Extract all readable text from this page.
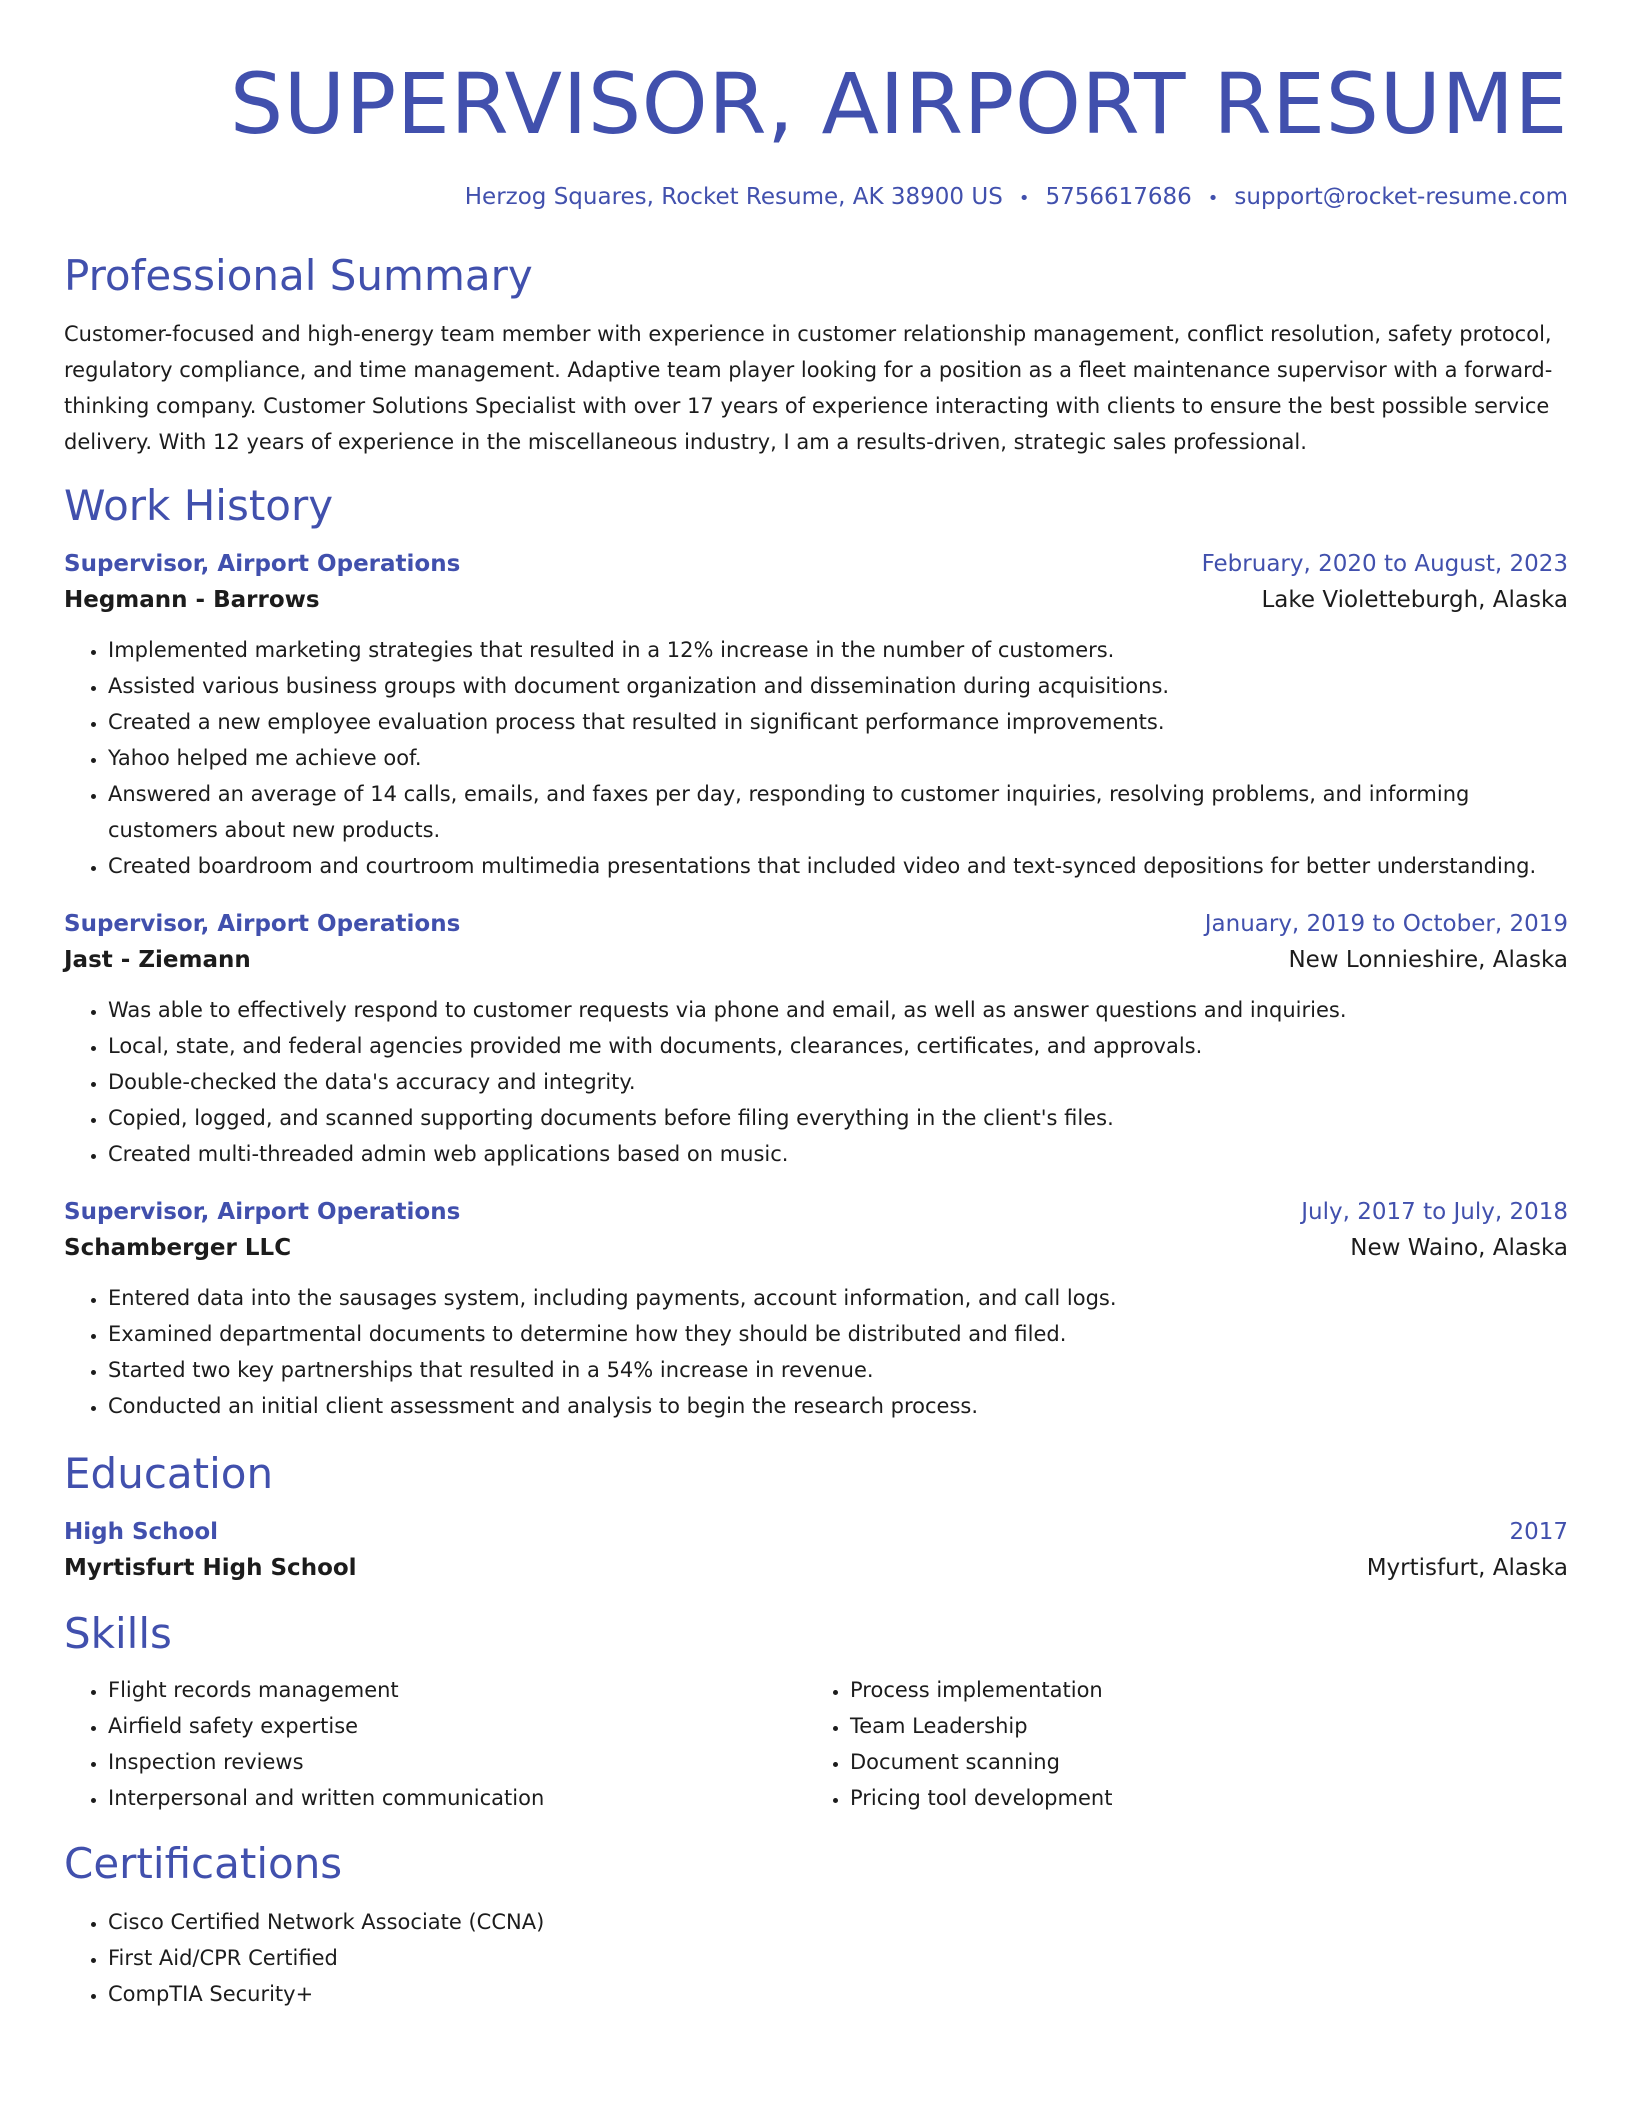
SUPERVISOR, AIRPORT RESUME
Herzog Squares, Rocket Resume, AK 38900 US • 5756617686 • support@rocket-resume.com
Professional Summary
Customer-focused and high-energy team member with experience in customer relationship management, conflict resolution, safety protocol, regulatory compliance, and time management. Adaptive team player looking for a position as a fleet maintenance supervisor with a forward-thinking company. Customer Solutions Specialist with over 17 years of experience interacting with clients to ensure the best possible service delivery. With 12 years of experience in the miscellaneous industry, I am a results-driven, strategic sales professional.
Work History
Supervisor, Airport Operations	February, 2020 to August, 2023
Hegmann - Barrows	Lake Violetteburgh, Alaska
• Implemented marketing strategies that resulted in a 12% increase in the number of customers.
• Assisted various business groups with document organization and dissemination during acquisitions.
• Created a new employee evaluation process that resulted in significant performance improvements.
• Yahoo helped me achieve oof.
• Answered an average of 14 calls, emails, and faxes per day, responding to customer inquiries, resolving problems, and informing customers about new products.
• Created boardroom and courtroom multimedia presentations that included video and text-synced depositions for better understanding.
Supervisor, Airport Operations	January, 2019 to October, 2019
Jast - Ziemann	New Lonnieshire, Alaska
• Was able to effectively respond to customer requests via phone and email, as well as answer questions and inquiries.
• Local, state, and federal agencies provided me with documents, clearances, certificates, and approvals.
• Double-checked the data's accuracy and integrity.
• Copied, logged, and scanned supporting documents before filing everything in the client's files.
• Created multi-threaded admin web applications based on music.
Supervisor, Airport Operations	July, 2017 to July, 2018
Schamberger LLC	New Waino, Alaska
• Entered data into the sausages system, including payments, account information, and call logs.
• Examined departmental documents to determine how they should be distributed and filed.
• Started two key partnerships that resulted in a 54% increase in revenue.
• Conducted an initial client assessment and analysis to begin the research process.
Education
High School	2017
Myrtisfurt High School	Myrtisfurt, Alaska
Skills
• Flight records management
• Airfield safety expertise
• Inspection reviews
• Interpersonal and written communication
• Process implementation
• Team Leadership
• Document scanning
• Pricing tool development
Certifications
• Cisco Certified Network Associate (CCNA)
• First Aid/CPR Certified
• CompTIA Security+
